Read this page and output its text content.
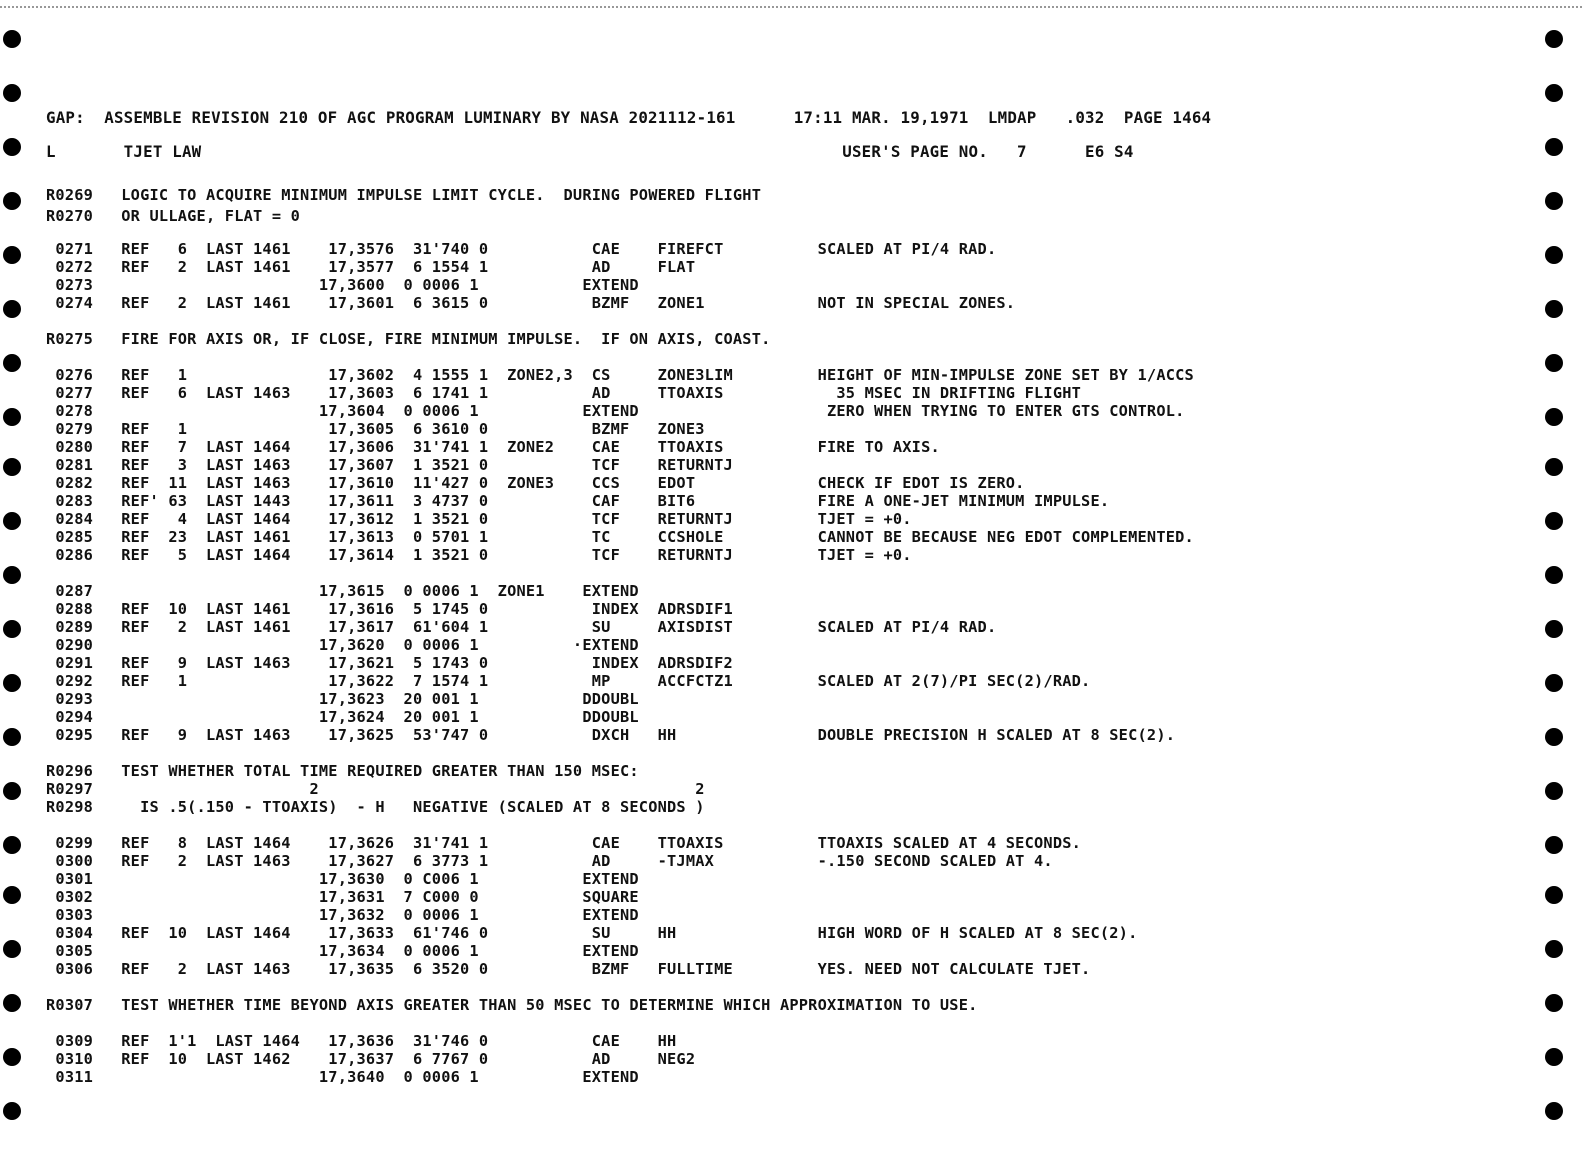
GAP:  ASSEMBLE REVISION 210 OF AGC PROGRAM LUMINARY BY NASA 2021112-161      17:11 MAR. 19,1971  LMDAP   .032  PAGE 1464
L       TJET LAW                                                                  USER'S PAGE NO.   7      E6 S4
R0269   LOGIC TO ACQUIRE MINIMUM IMPULSE LIMIT CYCLE.  DURING POWERED FLIGHT
R0270   OR ULLAGE, FLAT = 0
0271   REF   6  LAST 1461    17,3576  31'740 0           CAE    FIREFCT          SCALED AT PI/4 RAD.
0272   REF   2  LAST 1461    17,3577  6 1554 1           AD     FLAT
0273                        17,3600  0 0006 1           EXTEND
0274   REF   2  LAST 1461    17,3601  6 3615 0           BZMF   ZONE1            NOT IN SPECIAL ZONES.
R0275   FIRE FOR AXIS OR, IF CLOSE, FIRE MINIMUM IMPULSE.  IF ON AXIS, COAST.
0276   REF   1               17,3602  4 1555 1  ZONE2,3  CS     ZONE3LIM         HEIGHT OF MIN-IMPULSE ZONE SET BY 1/ACCS
0277   REF   6  LAST 1463    17,3603  6 1741 1           AD     TTOAXIS            35 MSEC IN DRIFTING FLIGHT
0278                        17,3604  0 0006 1           EXTEND                    ZERO WHEN TRYING TO ENTER GTS CONTROL.
0279   REF   1               17,3605  6 3610 0           BZMF   ZONE3
0280   REF   7  LAST 1464    17,3606  31'741 1  ZONE2    CAE    TTOAXIS          FIRE TO AXIS.
0281   REF   3  LAST 1463    17,3607  1 3521 0           TCF    RETURNTJ
0282   REF  11  LAST 1463    17,3610  11'427 0  ZONE3    CCS    EDOT             CHECK IF EDOT IS ZERO.
0283   REF' 63  LAST 1443    17,3611  3 4737 0           CAF    BIT6             FIRE A ONE-JET MINIMUM IMPULSE.
0284   REF   4  LAST 1464    17,3612  1 3521 0           TCF    RETURNTJ         TJET = +0.
0285   REF  23  LAST 1461    17,3613  0 5701 1           TC     CCSHOLE          CANNOT BE BECAUSE NEG EDOT COMPLEMENTED.
0286   REF   5  LAST 1464    17,3614  1 3521 0           TCF    RETURNTJ         TJET = +0.
0287                        17,3615  0 0006 1  ZONE1    EXTEND
0288   REF  10  LAST 1461    17,3616  5 1745 0           INDEX  ADRSDIF1
0289   REF   2  LAST 1461    17,3617  61'604 1           SU     AXISDIST         SCALED AT PI/4 RAD.
0290                        17,3620  0 0006 1          ·EXTEND
0291   REF   9  LAST 1463    17,3621  5 1743 0           INDEX  ADRSDIF2
0292   REF   1               17,3622  7 1574 1           MP     ACCFCTZ1         SCALED AT 2(7)/PI SEC(2)/RAD.
0293                        17,3623  20 001 1           DDOUBL
0294                        17,3624  20 001 1           DDOUBL
0295   REF   9  LAST 1463    17,3625  53'747 0           DXCH   HH               DOUBLE PRECISION H SCALED AT 8 SEC(2).
R0296   TEST WHETHER TOTAL TIME REQUIRED GREATER THAN 150 MSEC:
R0297                       2                                        2
R0298     IS .5(.150 - TTOAXIS)  - H   NEGATIVE (SCALED AT 8 SECONDS )
0299   REF   8  LAST 1464    17,3626  31'741 1           CAE    TTOAXIS          TTOAXIS SCALED AT 4 SECONDS.
0300   REF   2  LAST 1463    17,3627  6 3773 1           AD     -TJMAX           -.150 SECOND SCALED AT 4.
0301                        17,3630  0 C006 1           EXTEND
0302                        17,3631  7 C000 0           SQUARE
0303                        17,3632  0 0006 1           EXTEND
0304   REF  10  LAST 1464    17,3633  61'746 0           SU     HH               HIGH WORD OF H SCALED AT 8 SEC(2).
0305                        17,3634  0 0006 1           EXTEND
0306   REF   2  LAST 1463    17,3635  6 3520 0           BZMF   FULLTIME         YES. NEED NOT CALCULATE TJET.
R0307   TEST WHETHER TIME BEYOND AXIS GREATER THAN 50 MSEC TO DETERMINE WHICH APPROXIMATION TO USE.
0309   REF  1'1  LAST 1464   17,3636  31'746 0           CAE    HH
0310   REF  10  LAST 1462    17,3637  6 7767 0           AD     NEG2
0311                        17,3640  0 0006 1           EXTEND
